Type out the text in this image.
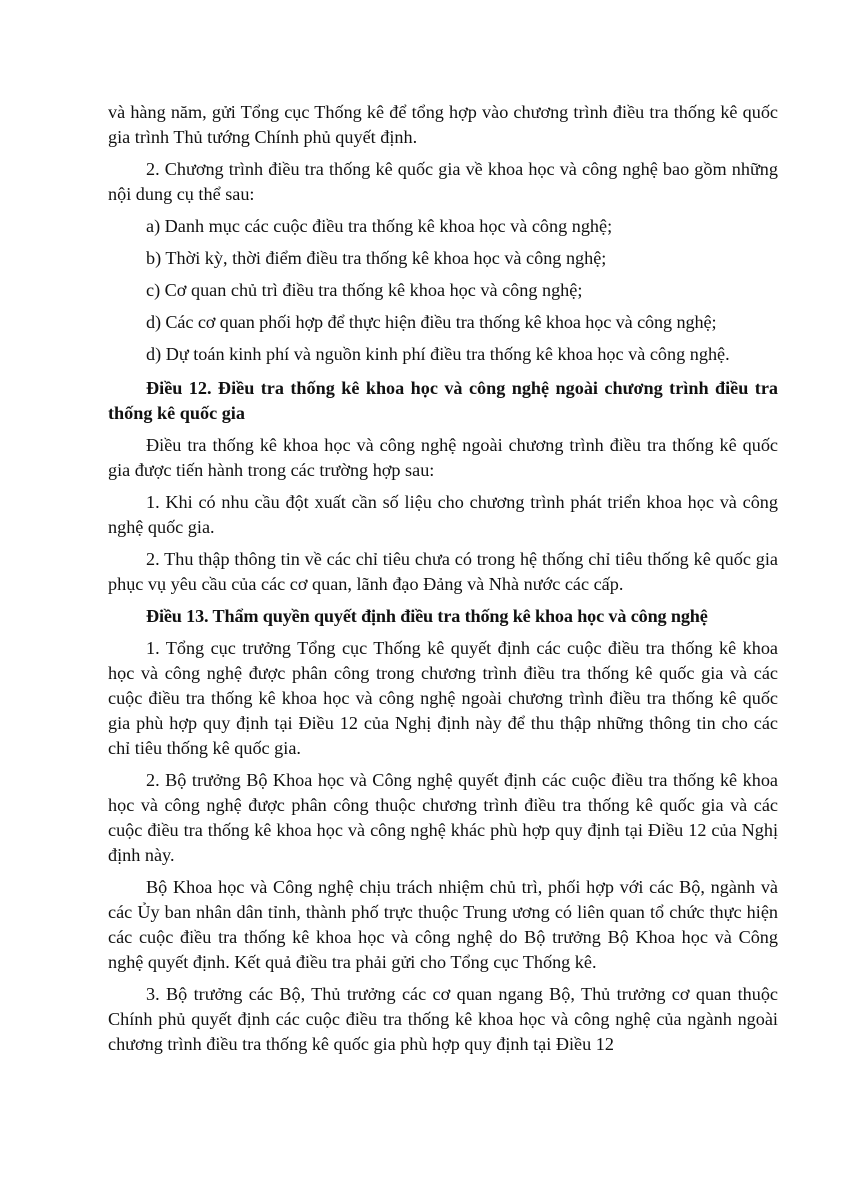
và hàng năm, gửi Tổng cục Thống kê để tổng hợp vào chương trình điều tra thống kê quốc gia trình Thủ tướng Chính phủ quyết định.

2. Chương trình điều tra thống kê quốc gia về khoa học và công nghệ bao gồm những nội dung cụ thể sau:

a) Danh mục các cuộc điều tra thống kê khoa học và công nghệ;

b) Thời kỳ, thời điểm điều tra thống kê khoa học và công nghệ;

c) Cơ quan chủ trì điều tra thống kê khoa học và công nghệ;

d) Các cơ quan phối hợp để thực hiện điều tra thống kê khoa học và công nghệ;

d) Dự toán kinh phí và nguồn kinh phí điều tra thống kê khoa học và công nghệ.

Điều 12. Điều tra thống kê khoa học và công nghệ ngoài chương trình điều tra thống kê quốc gia

Điều tra thống kê khoa học và công nghệ ngoài chương trình điều tra thống kê quốc gia được tiến hành trong các trường hợp sau:

1. Khi có nhu cầu đột xuất cần số liệu cho chương trình phát triển khoa học và công nghệ quốc gia.

2. Thu thập thông tin về các chỉ tiêu chưa có trong hệ thống chỉ tiêu thống kê quốc gia phục vụ yêu cầu của các cơ quan, lãnh đạo Đảng và Nhà nước các cấp.

Điều 13. Thẩm quyền quyết định điều tra thống kê khoa học và công nghệ

1. Tổng cục trưởng Tổng cục Thống kê quyết định các cuộc điều tra thống kê khoa học và công nghệ được phân công trong chương trình điều tra thống kê quốc gia và các cuộc điều tra thống kê khoa học và công nghệ ngoài chương trình điều tra thống kê quốc gia phù hợp quy định tại Điều 12 của Nghị định này để thu thập những thông tin cho các chỉ tiêu thống kê quốc gia.

2. Bộ trưởng Bộ Khoa học và Công nghệ quyết định các cuộc điều tra thống kê khoa học và công nghệ được phân công thuộc chương trình điều tra thống kê quốc gia và các cuộc điều tra thống kê khoa học và công nghệ khác phù hợp quy định tại Điều 12 của Nghị định này.

Bộ Khoa học và Công nghệ chịu trách nhiệm chủ trì, phối hợp với các Bộ, ngành và các Ủy ban nhân dân tỉnh, thành phố trực thuộc Trung ương có liên quan tổ chức thực hiện các cuộc điều tra thống kê khoa học và công nghệ do Bộ trưởng Bộ Khoa học và Công nghệ quyết định. Kết quả điều tra phải gửi cho Tổng cục Thống kê.

3. Bộ trưởng các Bộ, Thủ trưởng các cơ quan ngang Bộ, Thủ trưởng cơ quan thuộc Chính phủ quyết định các cuộc điều tra thống kê khoa học và công nghệ của ngành ngoài chương trình điều tra thống kê quốc gia phù hợp quy định tại Điều 12
